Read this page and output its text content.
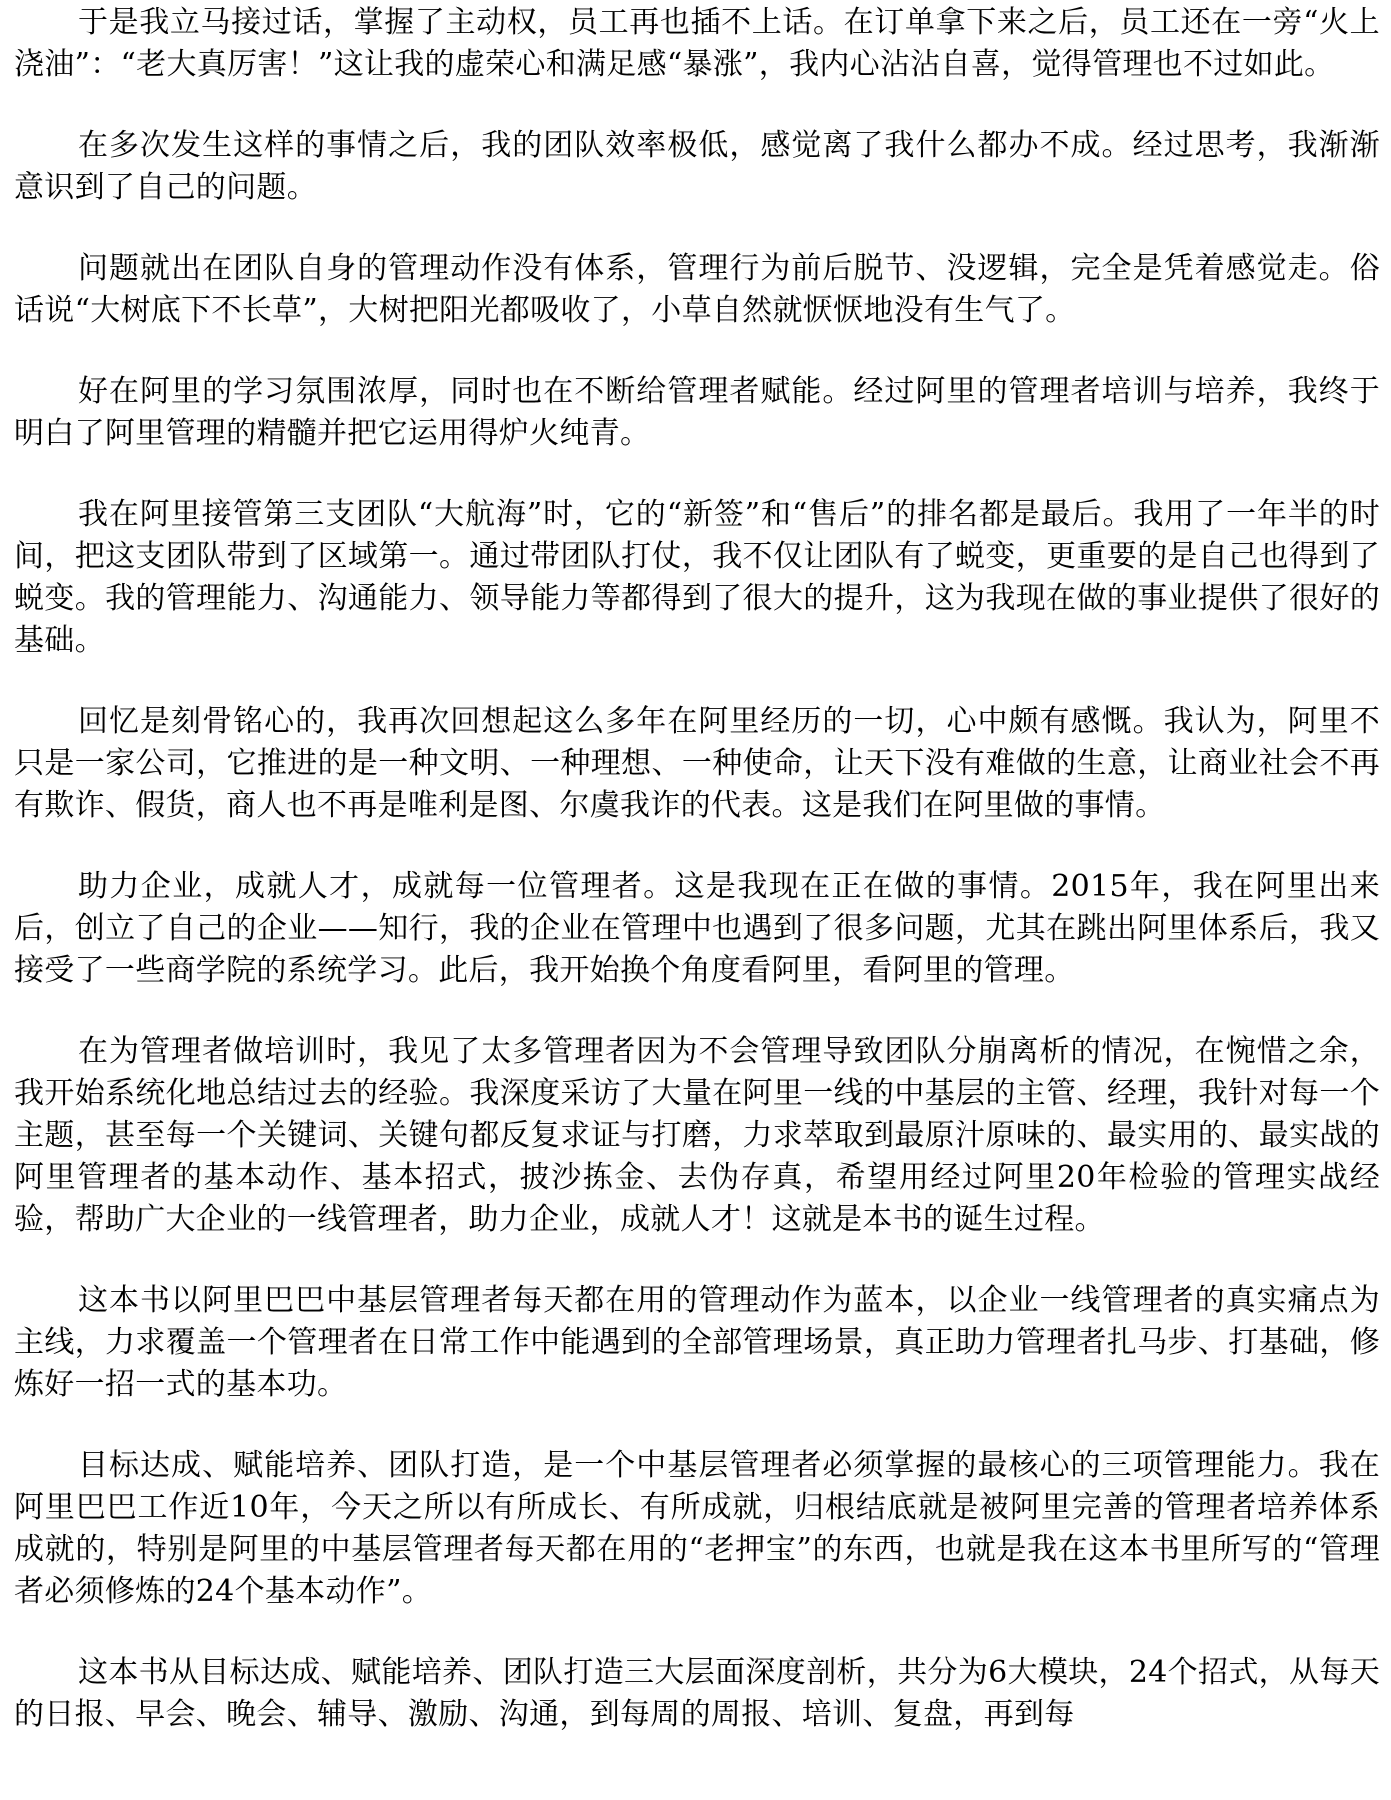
于是我立马接过话，掌握了主动权，员工再也插不上话。在订单拿下来之后，员工还在一旁“火上浇油”：“老大真厉害！”这让我的虚荣心和满足感“暴涨”，我内心沾沾自喜，觉得管理也不过如此。

在多次发生这样的事情之后，我的团队效率极低，感觉离了我什么都办不成。经过思考，我渐渐意识到了自己的问题。

问题就出在团队自身的管理动作没有体系，管理行为前后脱节、没逻辑，完全是凭着感觉走。俗话说“大树底下不长草”，大树把阳光都吸收了，小草自然就恹恹地没有生气了。

好在阿里的学习氛围浓厚，同时也在不断给管理者赋能。经过阿里的管理者培训与培养，我终于明白了阿里管理的精髓并把它运用得炉火纯青。

我在阿里接管第三支团队“大航海”时，它的“新签”和“售后”的排名都是最后。我用了一年半的时间，把这支团队带到了区域第一。通过带团队打仗，我不仅让团队有了蜕变，更重要的是自己也得到了蜕变。我的管理能力、沟通能力、领导能力等都得到了很大的提升，这为我现在做的事业提供了很好的基础。

回忆是刻骨铭心的，我再次回想起这么多年在阿里经历的一切，心中颇有感慨。我认为，阿里不只是一家公司，它推进的是一种文明、一种理想、一种使命，让天下没有难做的生意，让商业社会不再有欺诈、假货，商人也不再是唯利是图、尔虞我诈的代表。这是我们在阿里做的事情。

助力企业，成就人才，成就每一位管理者。这是我现在正在做的事情。2015年，我在阿里出来后，创立了自己的企业——知行，我的企业在管理中也遇到了很多问题，尤其在跳出阿里体系后，我又接受了一些商学院的系统学习。此后，我开始换个角度看阿里，看阿里的管理。

在为管理者做培训时，我见了太多管理者因为不会管理导致团队分崩离析的情况，在惋惜之余，我开始系统化地总结过去的经验。我深度采访了大量在阿里一线的中基层的主管、经理，我针对每一个主题，甚至每一个关键词、关键句都反复求证与打磨，力求萃取到最原汁原味的、最实用的、最实战的阿里管理者的基本动作、基本招式，披沙拣金、去伪存真，希望用经过阿里20年检验的管理实战经验，帮助广大企业的一线管理者，助力企业，成就人才！这就是本书的诞生过程。

这本书以阿里巴巴中基层管理者每天都在用的管理动作为蓝本，以企业一线管理者的真实痛点为主线，力求覆盖一个管理者在日常工作中能遇到的全部管理场景，真正助力管理者扎马步、打基础，修炼好一招一式的基本功。

目标达成、赋能培养、团队打造，是一个中基层管理者必须掌握的最核心的三项管理能力。我在阿里巴巴工作近10年，今天之所以有所成长、有所成就，归根结底就是被阿里完善的管理者培养体系成就的，特别是阿里的中基层管理者每天都在用的“老押宝”的东西，也就是我在这本书里所写的“管理者必须修炼的24个基本动作”。

这本书从目标达成、赋能培养、团队打造三大层面深度剖析，共分为6大模块，24个招式，从每天的日报、早会、晚会、辅导、激励、沟通，到每周的周报、培训、复盘，再到每
